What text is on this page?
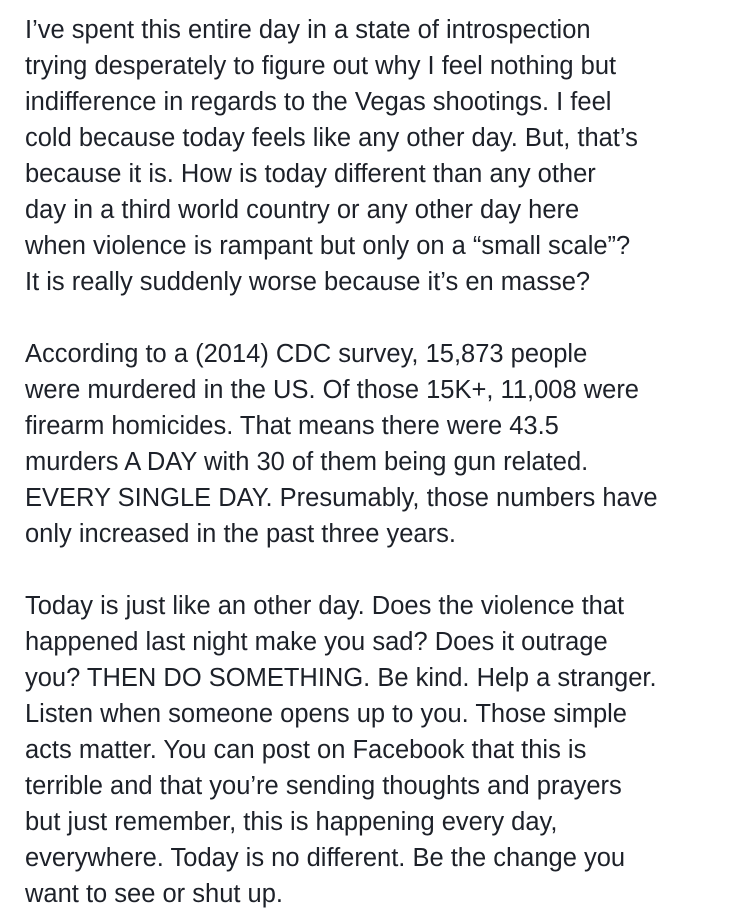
I’ve spent this entire day in a state of introspection
trying desperately to figure out why I feel nothing but
indifference in regards to the Vegas shootings. I feel
cold because today feels like any other day. But, that’s
because it is. How is today different than any other
day in a third world country or any other day here
when violence is rampant but only on a “small scale”?
It is really suddenly worse because it’s en masse?
According to a (2014) CDC survey, 15,873 people
were murdered in the US. Of those 15K+, 11,008 were
firearm homicides. That means there were 43.5
murders A DAY with 30 of them being gun related.
EVERY SINGLE DAY. Presumably, those numbers have
only increased in the past three years.
Today is just like an other day. Does the violence that
happened last night make you sad? Does it outrage
you? THEN DO SOMETHING. Be kind. Help a stranger.
Listen when someone opens up to you. Those simple
acts matter. You can post on Facebook that this is
terrible and that you’re sending thoughts and prayers
but just remember, this is happening every day,
everywhere. Today is no different. Be the change you
want to see or shut up.
